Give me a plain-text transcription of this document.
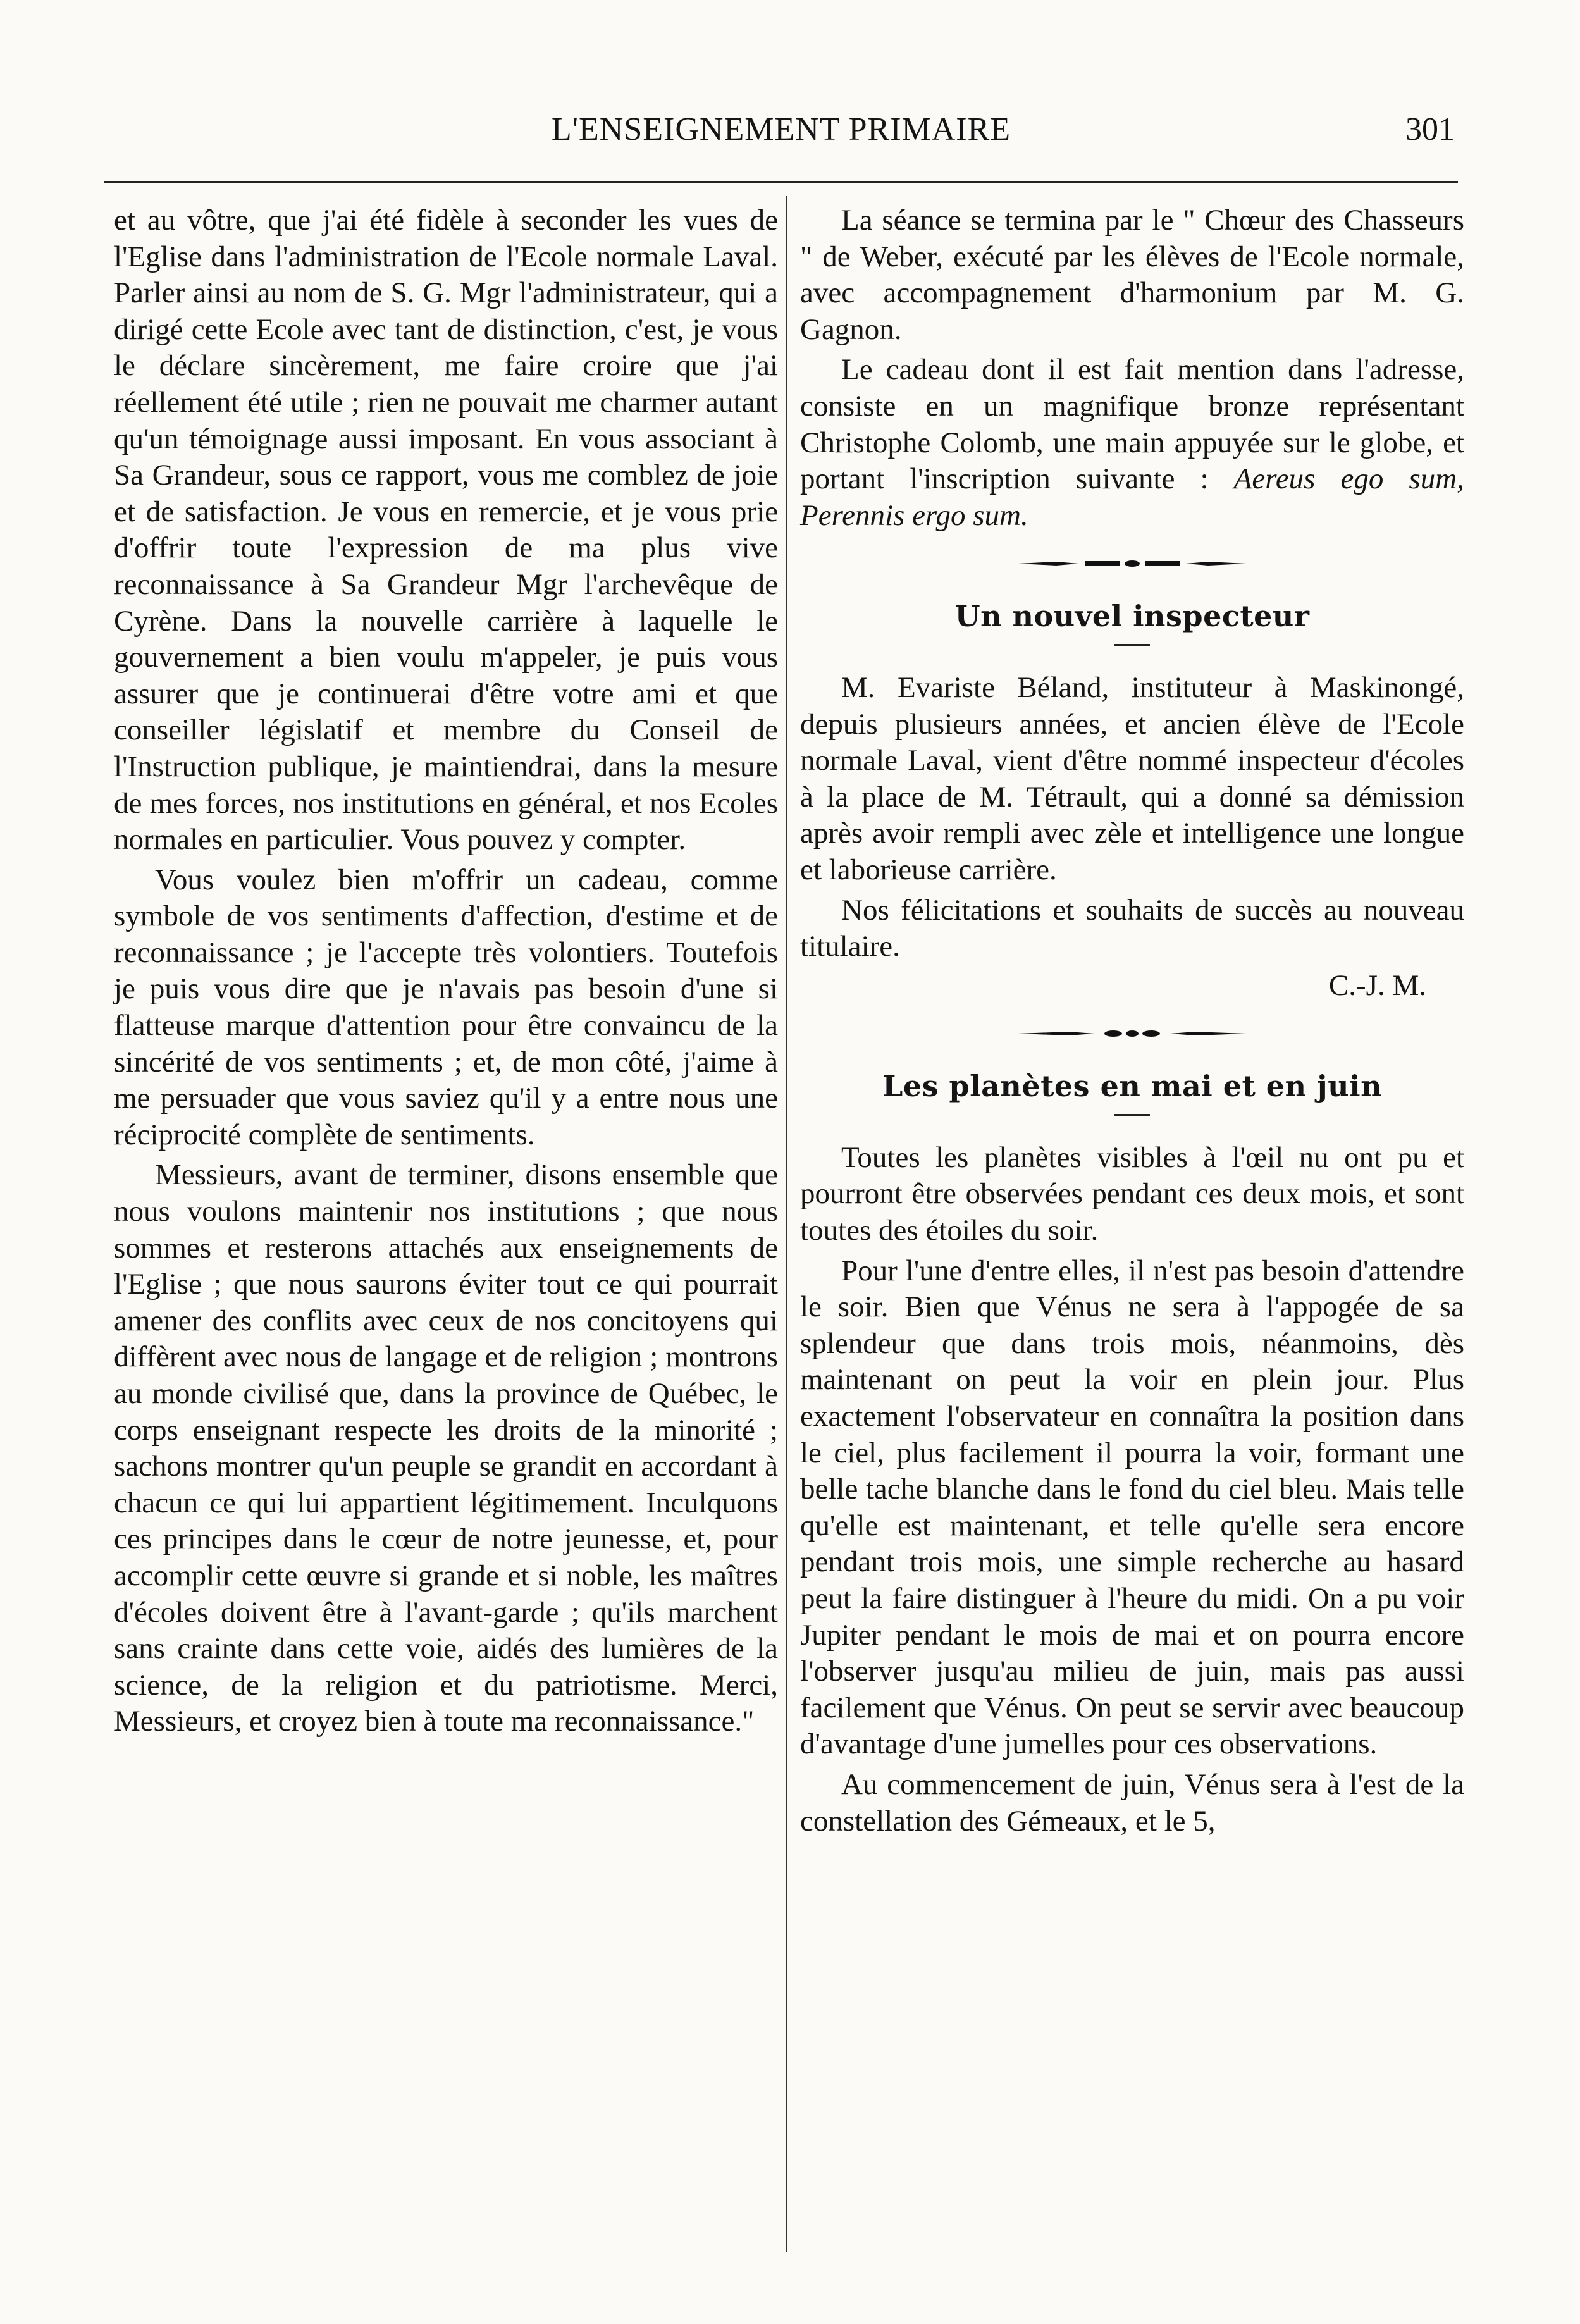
L'ENSEIGNEMENT PRIMAIRE	301

et au vôtre, que j'ai été fidèle à seconder les vues de l'Eglise dans l'administration de l'Ecole normale Laval. Parler ainsi au nom de S. G. Mgr l'administrateur, qui a dirigé cette Ecole avec tant de distinction, c'est, je vous le déclare sincèrement, me faire croire que j'ai réellement été utile ; rien ne pouvait me charmer autant qu'un témoignage aussi imposant. En vous associant à Sa Grandeur, sous ce rapport, vous me comblez de joie et de satisfaction. Je vous en remercie, et je vous prie d'offrir toute l'expression de ma plus vive reconnaissance à Sa Grandeur Mgr l'archevêque de Cyrène. Dans la nouvelle carrière à laquelle le gouvernement a bien voulu m'appeler, je puis vous assurer que je continuerai d'être votre ami et que conseiller législatif et membre du Conseil de l'Instruction publique, je maintiendrai, dans la mesure de mes forces, nos institutions en général, et nos Ecoles normales en particulier. Vous pouvez y compter.

Vous voulez bien m'offrir un cadeau, comme symbole de vos sentiments d'affection, d'estime et de reconnaissance ; je l'accepte très volontiers. Toutefois je puis vous dire que je n'avais pas besoin d'une si flatteuse marque d'attention pour être convaincu de la sincérité de vos sentiments ; et, de mon côté, j'aime à me persuader que vous saviez qu'il y a entre nous une réciprocité complète de sentiments.

Messieurs, avant de terminer, disons ensemble que nous voulons maintenir nos institutions ; que nous sommes et resterons attachés aux enseignements de l'Eglise ; que nous saurons éviter tout ce qui pourrait amener des conflits avec ceux de nos concitoyens qui diffèrent avec nous de langage et de religion ; montrons au monde civilisé que, dans la province de Québec, le corps enseignant respecte les droits de la minorité ; sachons montrer qu'un peuple se grandit en accordant à chacun ce qui lui appartient légitimement. Inculquons ces principes dans le cœur de notre jeunesse, et, pour accomplir cette œuvre si grande et si noble, les maîtres d'écoles doivent être à l'avant-garde ; qu'ils marchent sans crainte dans cette voie, aidés des lumières de la science, de la religion et du patriotisme. Merci, Messieurs, et croyez bien à toute ma reconnaissance."

La séance se termina par le " Chœur des Chasseurs " de Weber, exécuté par les élèves de l'Ecole normale, avec accompagnement d'harmonium par M. G. Gagnon.

Le cadeau dont il est fait mention dans l'adresse, consiste en un magnifique bronze représentant Christophe Colomb, une main appuyée sur le globe, et portant l'inscription suivante : Aereus ego sum, Perennis ergo sum.

Un nouvel inspecteur

M. Evariste Béland, instituteur à Maskinongé, depuis plusieurs années, et ancien élève de l'Ecole normale Laval, vient d'être nommé inspecteur d'écoles à la place de M. Tétrault, qui a donné sa démission après avoir rempli avec zèle et intelligence une longue et laborieuse carrière.

Nos félicitations et souhaits de succès au nouveau titulaire.

C.-J. M.

Les planètes en mai et en juin

Toutes les planètes visibles à l'œil nu ont pu et pourront être observées pendant ces deux mois, et sont toutes des étoiles du soir.

Pour l'une d'entre elles, il n'est pas besoin d'attendre le soir. Bien que Vénus ne sera à l'appogée de sa splendeur que dans trois mois, néanmoins, dès maintenant on peut la voir en plein jour. Plus exactement l'observateur en connaîtra la position dans le ciel, plus facilement il pourra la voir, formant une belle tache blanche dans le fond du ciel bleu. Mais telle qu'elle est maintenant, et telle qu'elle sera encore pendant trois mois, une simple recherche au hasard peut la faire distinguer à l'heure du midi. On a pu voir Jupiter pendant le mois de mai et on pourra encore l'observer jusqu'au milieu de juin, mais pas aussi facilement que Vénus. On peut se servir avec beaucoup d'avantage d'une jumelles pour ces observations.

Au commencement de juin, Vénus sera à l'est de la constellation des Gémeaux, et le 5,
